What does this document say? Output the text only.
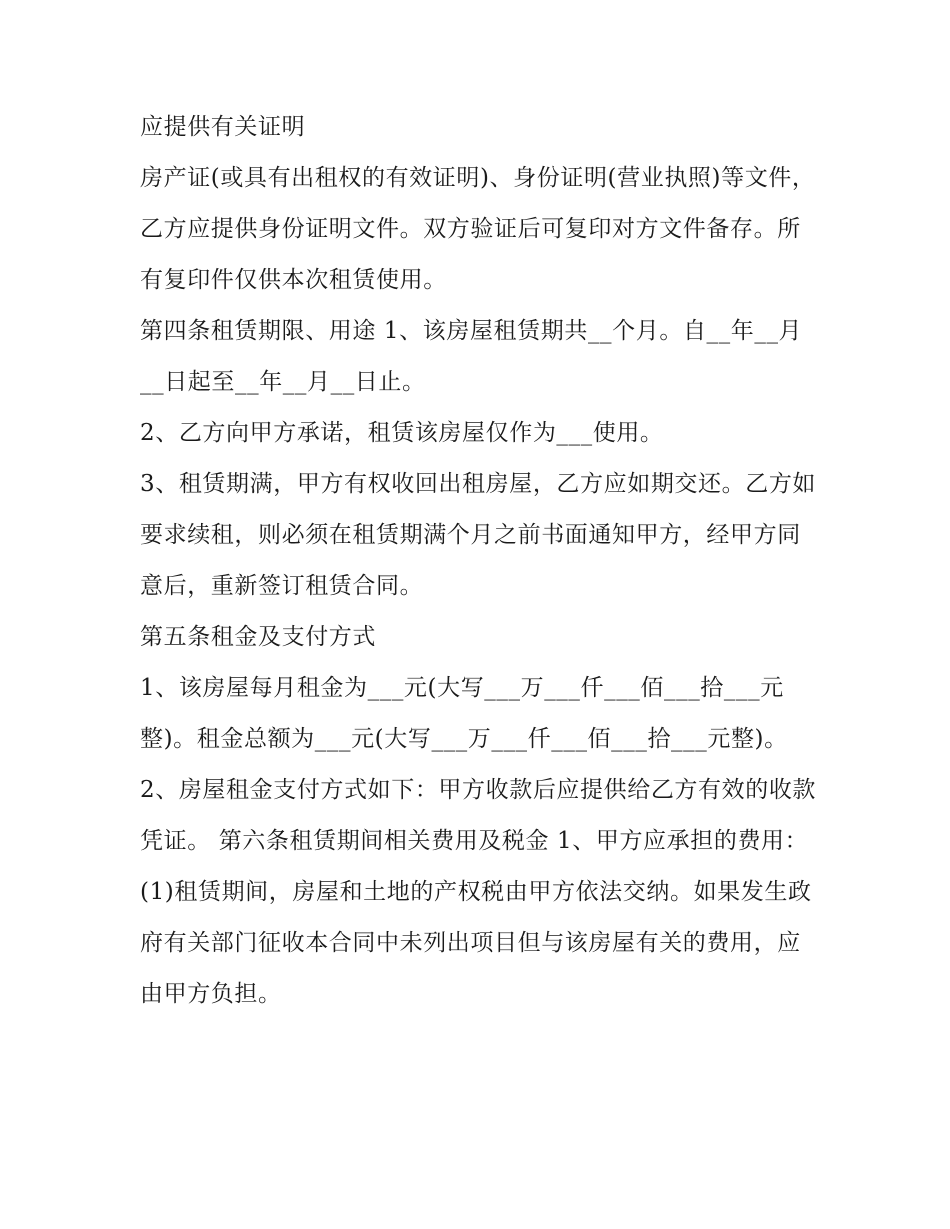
应提供有关证明

房产证(或具有出租权的有效证明)、身份证明(营业执照)等文件，乙方应提供身份证明文件。双方验证后可复印对方文件备存。所有复印件仅供本次租赁使用。

第四条租赁期限、用途 1、该房屋租赁期共__个月。自__年__月__日起至__年__月__日止。

2、乙方向甲方承诺，租赁该房屋仅作为___使用。

3、租赁期满，甲方有权收回出租房屋，乙方应如期交还。乙方如要求续租，则必须在租赁期满个月之前书面通知甲方，经甲方同意后，重新签订租赁合同。

第五条租金及支付方式

1、该房屋每月租金为___元(大写___万___仟___佰___拾___元整)。租金总额为___元(大写___万___仟___佰___拾___元整)。

2、房屋租金支付方式如下：甲方收款后应提供给乙方有效的收款凭证。 第六条租赁期间相关费用及税金 1、甲方应承担的费用：

(1)租赁期间，房屋和土地的产权税由甲方依法交纳。如果发生政府有关部门征收本合同中未列出项目但与该房屋有关的费用，应由甲方负担。
